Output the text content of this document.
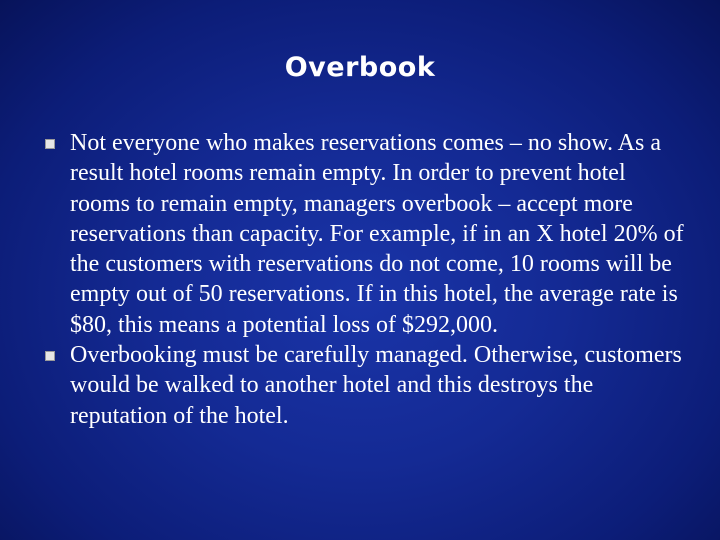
Overbook
Not everyone who makes reservations comes – no show. As a result hotel rooms remain empty. In order to prevent hotel rooms to remain empty, managers overbook – accept more reservations than capacity. For example, if in an X hotel 20% of the customers with reservations do not come, 10 rooms will be empty out of 50 reservations. If in this hotel, the average rate is $80, this means a potential loss of $292,000.
Overbooking must be carefully managed. Otherwise, customers would be walked to another hotel and this destroys the reputation of the hotel.
